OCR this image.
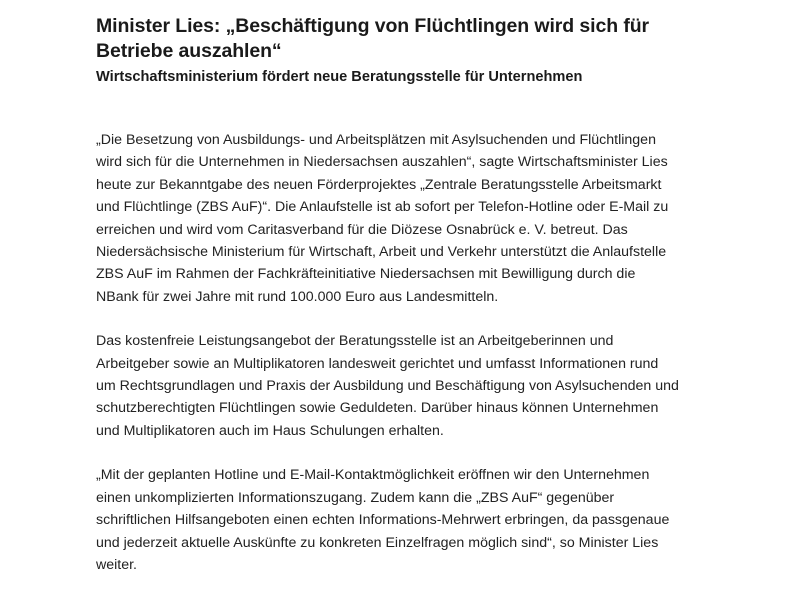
Minister Lies: „Beschäftigung von Flüchtlingen wird sich für
Betriebe auszahlen“
Wirtschaftsministerium fördert neue Beratungsstelle für Unternehmen

„Die Besetzung von Ausbildungs- und Arbeitsplätzen mit Asylsuchenden und Flüchtlingen
wird sich für die Unternehmen in Niedersachsen auszahlen“, sagte Wirtschaftsminister Lies
heute zur Bekanntgabe des neuen Förderprojektes „Zentrale Beratungsstelle Arbeitsmarkt
und Flüchtlinge (ZBS AuF)“. Die Anlaufstelle ist ab sofort per Telefon-Hotline oder E-Mail zu
erreichen und wird vom Caritasverband für die Diözese Osnabrück e. V. betreut. Das
Niedersächsische Ministerium für Wirtschaft, Arbeit und Verkehr unterstützt die Anlaufstelle
ZBS AuF im Rahmen der Fachkräfteinitiative Niedersachsen mit Bewilligung durch die
NBank für zwei Jahre mit rund 100.000 Euro aus Landesmitteln.

Das kostenfreie Leistungsangebot der Beratungsstelle ist an Arbeitgeberinnen und
Arbeitgeber sowie an Multiplikatoren landesweit gerichtet und umfasst Informationen rund
um Rechtsgrundlagen und Praxis der Ausbildung und Beschäftigung von Asylsuchenden und
schutzberechtigten Flüchtlingen sowie Geduldeten. Darüber hinaus können Unternehmen
und Multiplikatoren auch im Haus Schulungen erhalten.

„Mit der geplanten Hotline und E-Mail-Kontaktmöglichkeit eröffnen wir den Unternehmen
einen unkomplizierten Informationszugang. Zudem kann die „ZBS AuF“ gegenüber
schriftlichen Hilfsangeboten einen echten Informations-Mehrwert erbringen, da passgenaue
und jederzeit aktuelle Auskünfte zu konkreten Einzelfragen möglich sind“, so Minister Lies
weiter.
